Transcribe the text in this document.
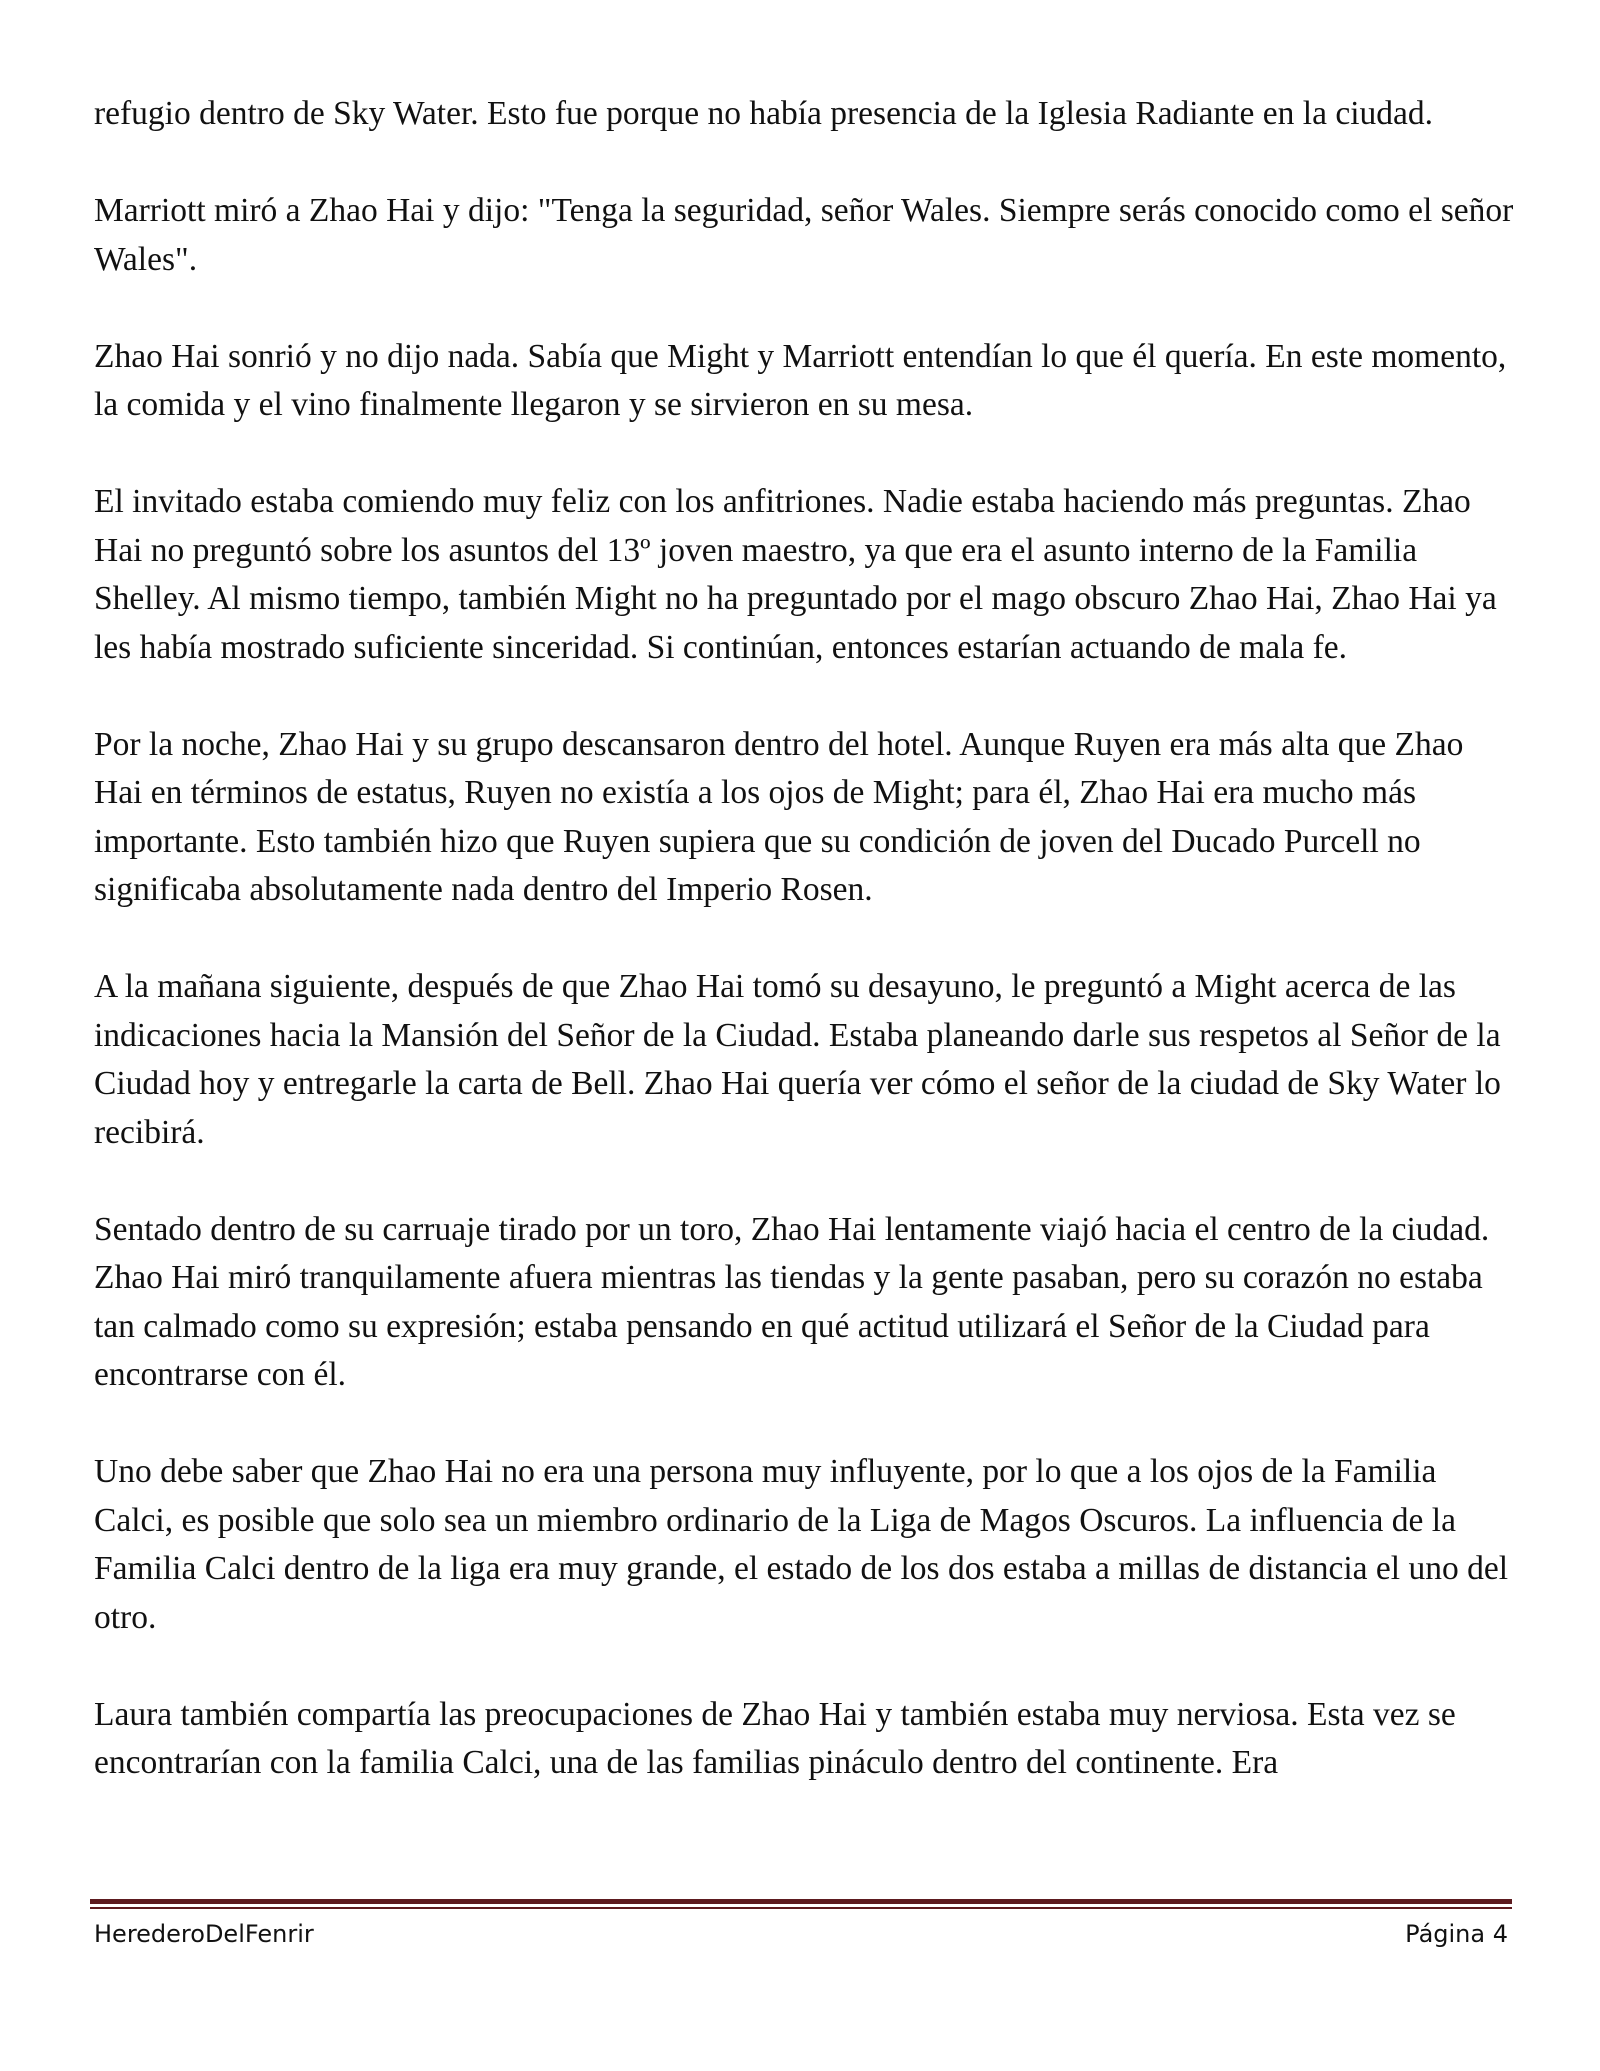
refugio dentro de Sky Water. Esto fue porque no había presencia de la Iglesia Radiante en la ciudad.

Marriott miró a Zhao Hai y dijo: "Tenga la seguridad, señor Wales. Siempre serás conocido como el señor Wales".

Zhao Hai sonrió y no dijo nada. Sabía que Might y Marriott entendían lo que él quería. En este momento, la comida y el vino finalmente llegaron y se sirvieron en su mesa.

El invitado estaba comiendo muy feliz con los anfitriones. Nadie estaba haciendo más preguntas. Zhao Hai no preguntó sobre los asuntos del 13º joven maestro, ya que era el asunto interno de la Familia Shelley. Al mismo tiempo, también Might no ha preguntado por el mago obscuro Zhao Hai, Zhao Hai ya les había mostrado suficiente sinceridad. Si continúan, entonces estarían actuando de mala fe.

Por la noche, Zhao Hai y su grupo descansaron dentro del hotel. Aunque Ruyen era más alta que Zhao Hai en términos de estatus, Ruyen no existía a los ojos de Might; para él, Zhao Hai era mucho más importante. Esto también hizo que Ruyen supiera que su condición de joven del Ducado Purcell no significaba absolutamente nada dentro del Imperio Rosen.

A la mañana siguiente, después de que Zhao Hai tomó su desayuno, le preguntó a Might acerca de las indicaciones hacia la Mansión del Señor de la Ciudad. Estaba planeando darle sus respetos al Señor de la Ciudad hoy y entregarle la carta de Bell. Zhao Hai quería ver cómo el señor de la ciudad de Sky Water lo recibirá.

Sentado dentro de su carruaje tirado por un toro, Zhao Hai lentamente viajó hacia el centro de la ciudad. Zhao Hai miró tranquilamente afuera mientras las tiendas y la gente pasaban, pero su corazón no estaba tan calmado como su expresión; estaba pensando en qué actitud utilizará el Señor de la Ciudad para encontrarse con él.

Uno debe saber que Zhao Hai no era una persona muy influyente, por lo que a los ojos de la Familia Calci, es posible que solo sea un miembro ordinario de la Liga de Magos Oscuros. La influencia de la Familia Calci dentro de la liga era muy grande, el estado de los dos estaba a millas de distancia el uno del otro.

Laura también compartía las preocupaciones de Zhao Hai y también estaba muy nerviosa. Esta vez se encontrarían con la familia Calci, una de las familias pináculo dentro del continente. Era

HerederoDelFenrir	Página 4
